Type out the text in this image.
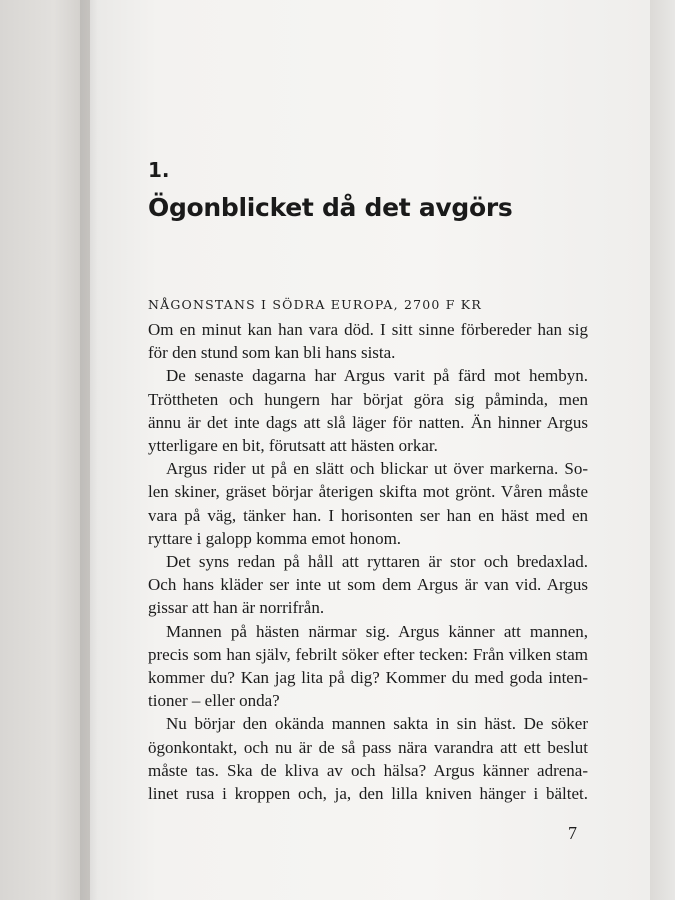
1.
Ögonblicket då det avgörs
NÅGONSTANS I SÖDRA EUROPA, 2700 F KR

Om en minut kan han vara död. I sitt sinne förbereder han sig
för den stund som kan bli hans sista.

De senaste dagarna har Argus varit på färd mot hembyn.
Tröttheten och hungern har börjat göra sig påminda, men
ännu är det inte dags att slå läger för natten. Än hinner Argus
ytterligare en bit, förutsatt att hästen orkar.

Argus rider ut på en slätt och blickar ut över markerna. So-
len skiner, gräset börjar återigen skifta mot grönt. Våren måste
vara på väg, tänker han. I horisonten ser han en häst med en
ryttare i galopp komma emot honom.

Det syns redan på håll att ryttaren är stor och bredaxlad.
Och hans kläder ser inte ut som dem Argus är van vid. Argus
gissar att han är norrifrån.

Mannen på hästen närmar sig. Argus känner att mannen,
precis som han själv, febrilt söker efter tecken: Från vilken stam
kommer du? Kan jag lita på dig? Kommer du med goda inten-
tioner – eller onda?

Nu börjar den okända mannen sakta in sin häst. De söker
ögonkontakt, och nu är de så pass nära varandra att ett beslut
måste tas. Ska de kliva av och hälsa? Argus känner adrena-
linet rusa i kroppen och, ja, den lilla kniven hänger i bältet.

7
